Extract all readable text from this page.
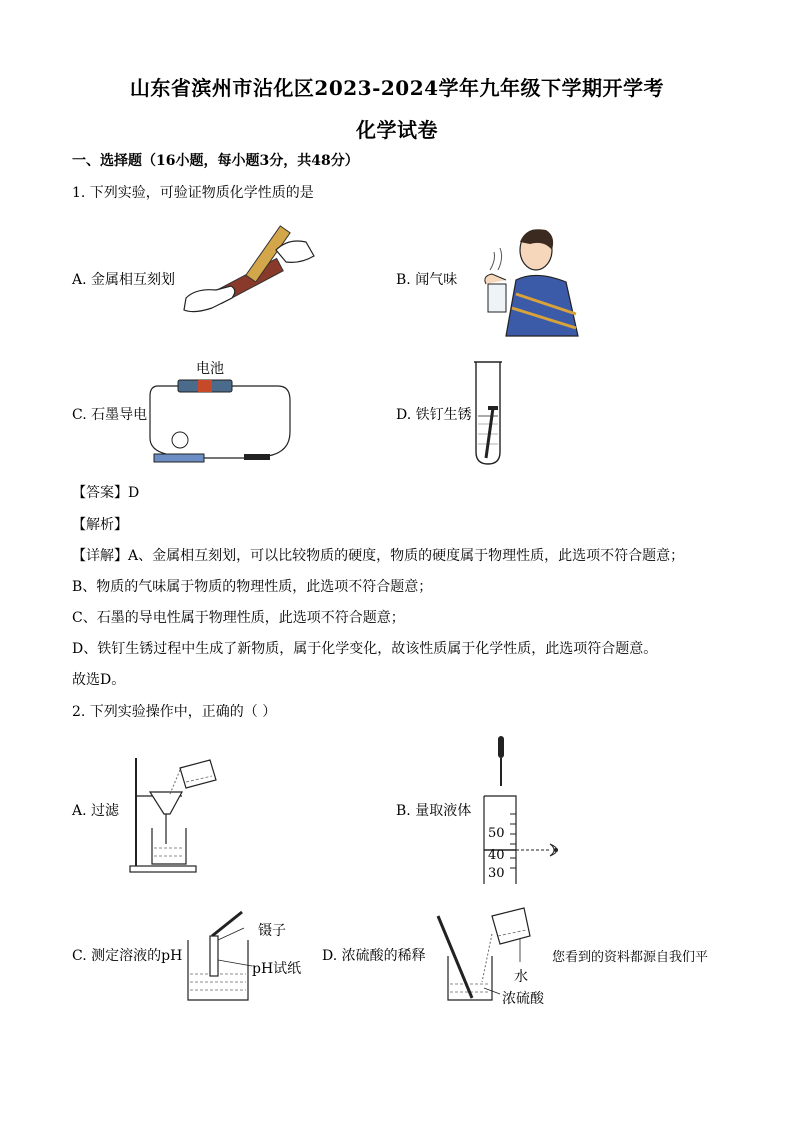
山东省滨州市沾化区2023-2024学年九年级下学期开学考
化学试卷
一、选择题（16小题，每小题3分，共48分）
1. 下列实验，可验证物质化学性质的是
A. 金属相互刻划	B. 闻气味
C. 石墨导电	D. 铁钉生锈
电池
【答案】D
【解析】
【详解】A、金属相互刻划，可以比较物质的硬度，物质的硬度属于物理性质，此选项不符合题意；
B、物质的气味属于物质的物理性质，此选项不符合题意；
C、石墨的导电性属于物理性质，此选项不符合题意；
D、铁钉生锈过程中生成了新物质，属于化学变化，故该性质属于化学性质，此选项符合题意。
故选D。
2. 下列实验操作中，正确的（ ）
A. 过滤	B. 量取液体
C. 测定溶液的pH	D. 浓硫酸的稀释
50
40
30
镊子
pH试纸	水
浓硫酸
您看到的资料都源自我们平
